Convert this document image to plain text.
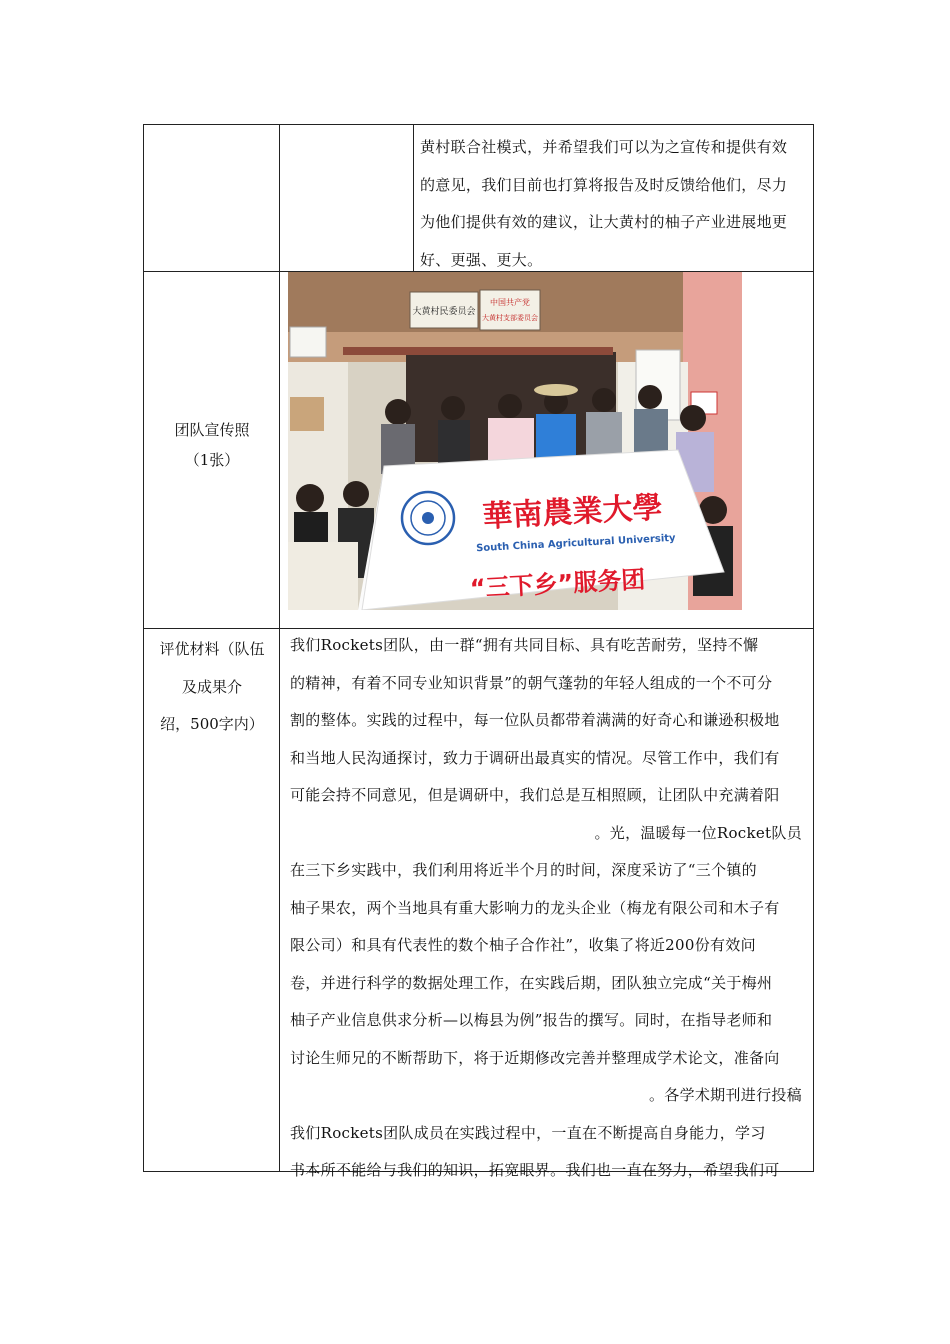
黄村联合社模式，并希望我们可以为之宣传和提供有效
的意见，我们目前也打算将报告及时反馈给他们，尽力
为他们提供有效的建议，让大黄村的柚子产业进展地更
好、更强、更大。
团队宣传照
（1张）
大黄村民委员会
中国共产党
大黄村支部委员会
華南農業大學
South China Agricultural University
“三下乡”服务团
评优材料（队伍
及成果介
绍，500字内）
我们Rockets团队，由一群“拥有共同目标、具有吃苦耐劳，坚持不懈
的精神，有着不同专业知识背景”的朝气蓬勃的年轻人组成的一个不可分
割的整体。实践的过程中，每一位队员都带着满满的好奇心和谦逊积极地
和当地人民沟通探讨，致力于调研出最真实的情况。尽管工作中，我们有
可能会持不同意见，但是调研中，我们总是互相照顾，让团队中充满着阳
。光，温暖每一位Rocket队员
在三下乡实践中，我们利用将近半个月的时间，深度采访了“三个镇的
柚子果农，两个当地具有重大影响力的龙头企业（梅龙有限公司和木子有
限公司）和具有代表性的数个柚子合作社”，收集了将近200份有效问
卷，并进行科学的数据处理工作，在实践后期，团队独立完成“关于梅州
柚子产业信息供求分析—以梅县为例”报告的撰写。同时，在指导老师和
讨论生师兄的不断帮助下，将于近期修改完善并整理成学术论文，准备向
。各学术期刊进行投稿
我们Rockets团队成员在实践过程中，一直在不断提高自身能力，学习
书本所不能给与我们的知识，拓宽眼界。我们也一直在努力，希望我们可
